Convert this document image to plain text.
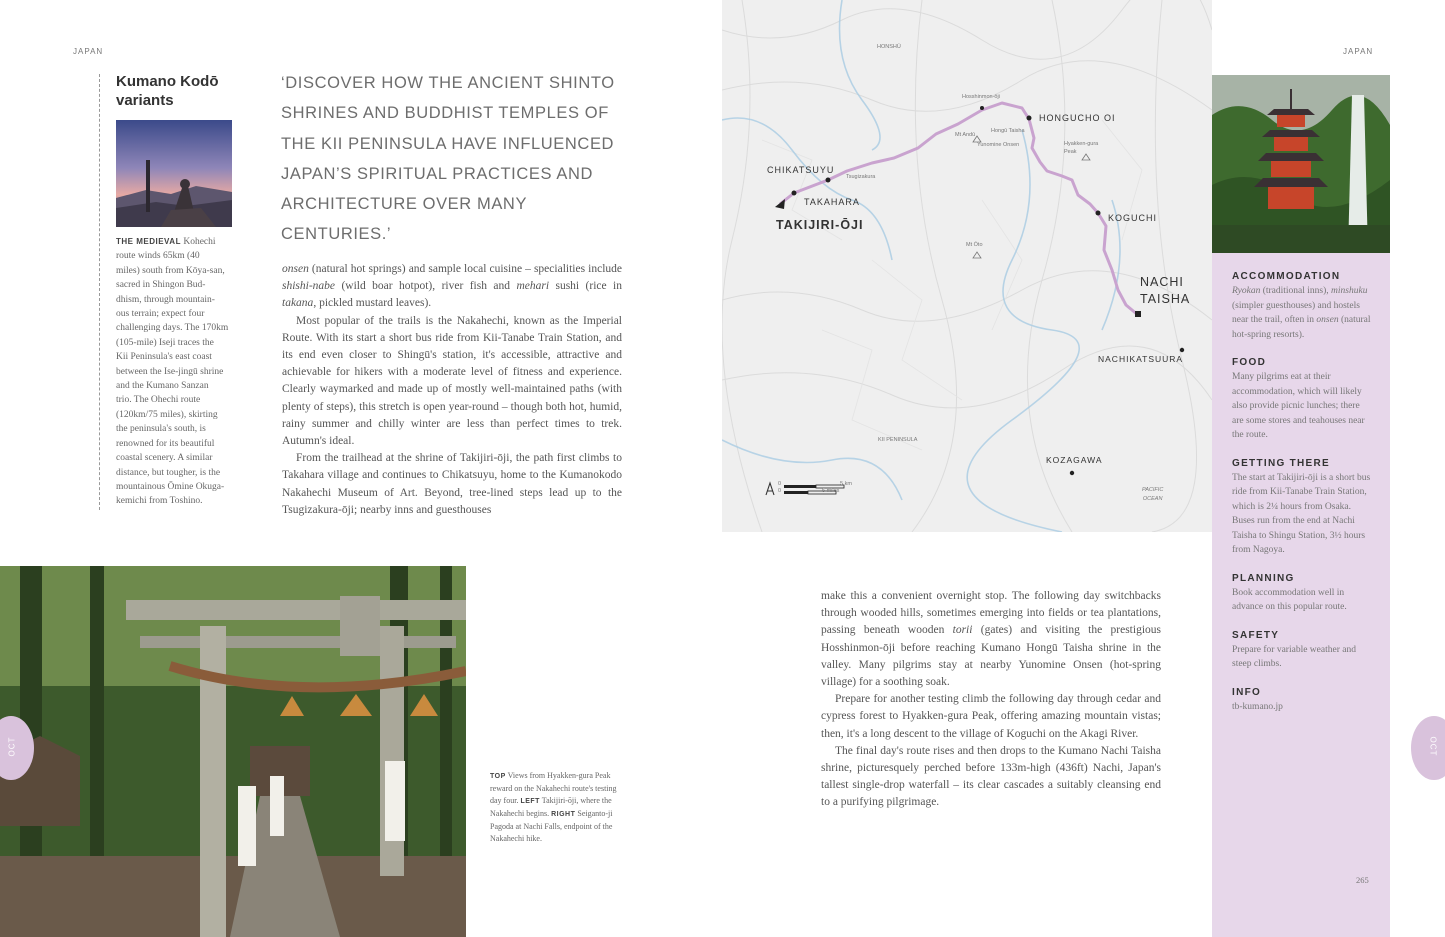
JAPAN	JAPAN
Kumano Kodō variants
THE MEDIEVAL Kohechi
route winds 65km (40
miles) south from Kōya-san,
sacred in Shingon Bud-
dhism, through mountain-
ous terrain; expect four
challenging days. The 170km
(105-mile) Iseji traces the
Kii Peninsula's east coast
between the Ise-jingū shrine
and the Kumano Sanzan
trio. The Ohechi route
(120km/75 miles), skirting
the peninsula's south, is
renowned for its beautiful
coastal scenery. A similar
distance, but tougher, is the
mountainous Ōmine Okuga-
kemichi from Toshino.
‘DISCOVER HOW THE ANCIENT SHINTO SHRINES AND BUDDHIST TEMPLES OF THE KII PENINSULA HAVE INFLUENCED JAPAN’S SPIRITUAL PRACTICES AND ARCHITECTURE OVER MANY CENTURIES.’

onsen (natural hot springs) and sample local cuisine – specialities include shishi-nabe (wild boar hotpot), river fish and mehari sushi (rice in takana, pickled mustard leaves).

Most popular of the trails is the Nakahechi, known as the Imperial Route. With its start a short bus ride from Kii-Tanabe Train Station, and its end even closer to Shingū's station, it's accessible, attractive and achievable for hikers with a moderate level of fitness and experience. Clearly waymarked and made up of mostly well-maintained paths (with plenty of steps), this stretch is open year-round – though both hot, humid, rainy summer and chilly winter are less than perfect times to trek. Autumn's ideal.

From the trailhead at the shrine of Takijiri-ōji, the path first climbs to Takahara village and continues to Chikatsuyu, home to the Kumanokodo Nakahechi Museum of Art. Beyond, tree-lined steps lead up to the Tsugizakura-ōji; nearby inns and guesthouses

HONSHŪ
CHIKATSUYU
TAKAHARA
TAKIJIRI-ŌJI
HONGUCHO OI
KOGUCHI
NACHI
TAISHA
NACHIKATSUURA
KOZAGAWA
KII PENINSULA
PACIFIC
OCEAN
Tsugizakura
Hosshinmon-ōji
Mt Andū
Hongū Taisha
Yunomine Onsen	Hyakken-gura
Peak
Mt Ōto
0
0
5 km
5 miles
ACCOMMODATION
Ryokan (traditional inns), minshuku (simpler guesthouses) and hostels near the trail, often in onsen (natural hot-spring resorts).
FOOD
Many pilgrims eat at their accommodation, which will likely also provide picnic lunches; there are some stores and teahouses near the route.
GETTING THERE
The start at Takijiri-ōji is a short bus ride from Kii-Tanabe Train Station, which is 2¼ hours from Osaka. Buses run from the end at Nachi Taisha to Shingu Station, 3½ hours from Nagoya.
PLANNING
Book accommodation well in advance on this popular route.
SAFETY
Prepare for variable weather and steep climbs.
INFO
tb-kumano.jp
265
TOP Views from Hyakken-gura Peak reward on the Nakahechi route's testing day four. LEFT Takijiri-ōji, where the Nakahechi begins. RIGHT Seiganto-ji Pagoda at Nachi Falls, endpoint of the Nakahechi hike.

make this a convenient overnight stop. The following day switchbacks through wooded hills, sometimes emerging into fields or tea plantations, passing beneath wooden torii (gates) and visiting the prestigious Hosshinmon-ōji before reaching Kumano Hongū Taisha shrine in the valley. Many pilgrims stay at nearby Yunomine Onsen (hot-spring village) for a soothing soak.

Prepare for another testing climb the following day through cedar and cypress forest to Hyakken-gura Peak, offering amazing mountain vistas; then, it's a long descent to the village of Koguchi on the Akagi River.

The final day's route rises and then drops to the Kumano Nachi Taisha shrine, picturesquely perched before 133m-high (436ft) Nachi, Japan's tallest single-drop waterfall – its clear cascades a suitably cleansing end to a purifying pilgrimage.

OCT	OCT
